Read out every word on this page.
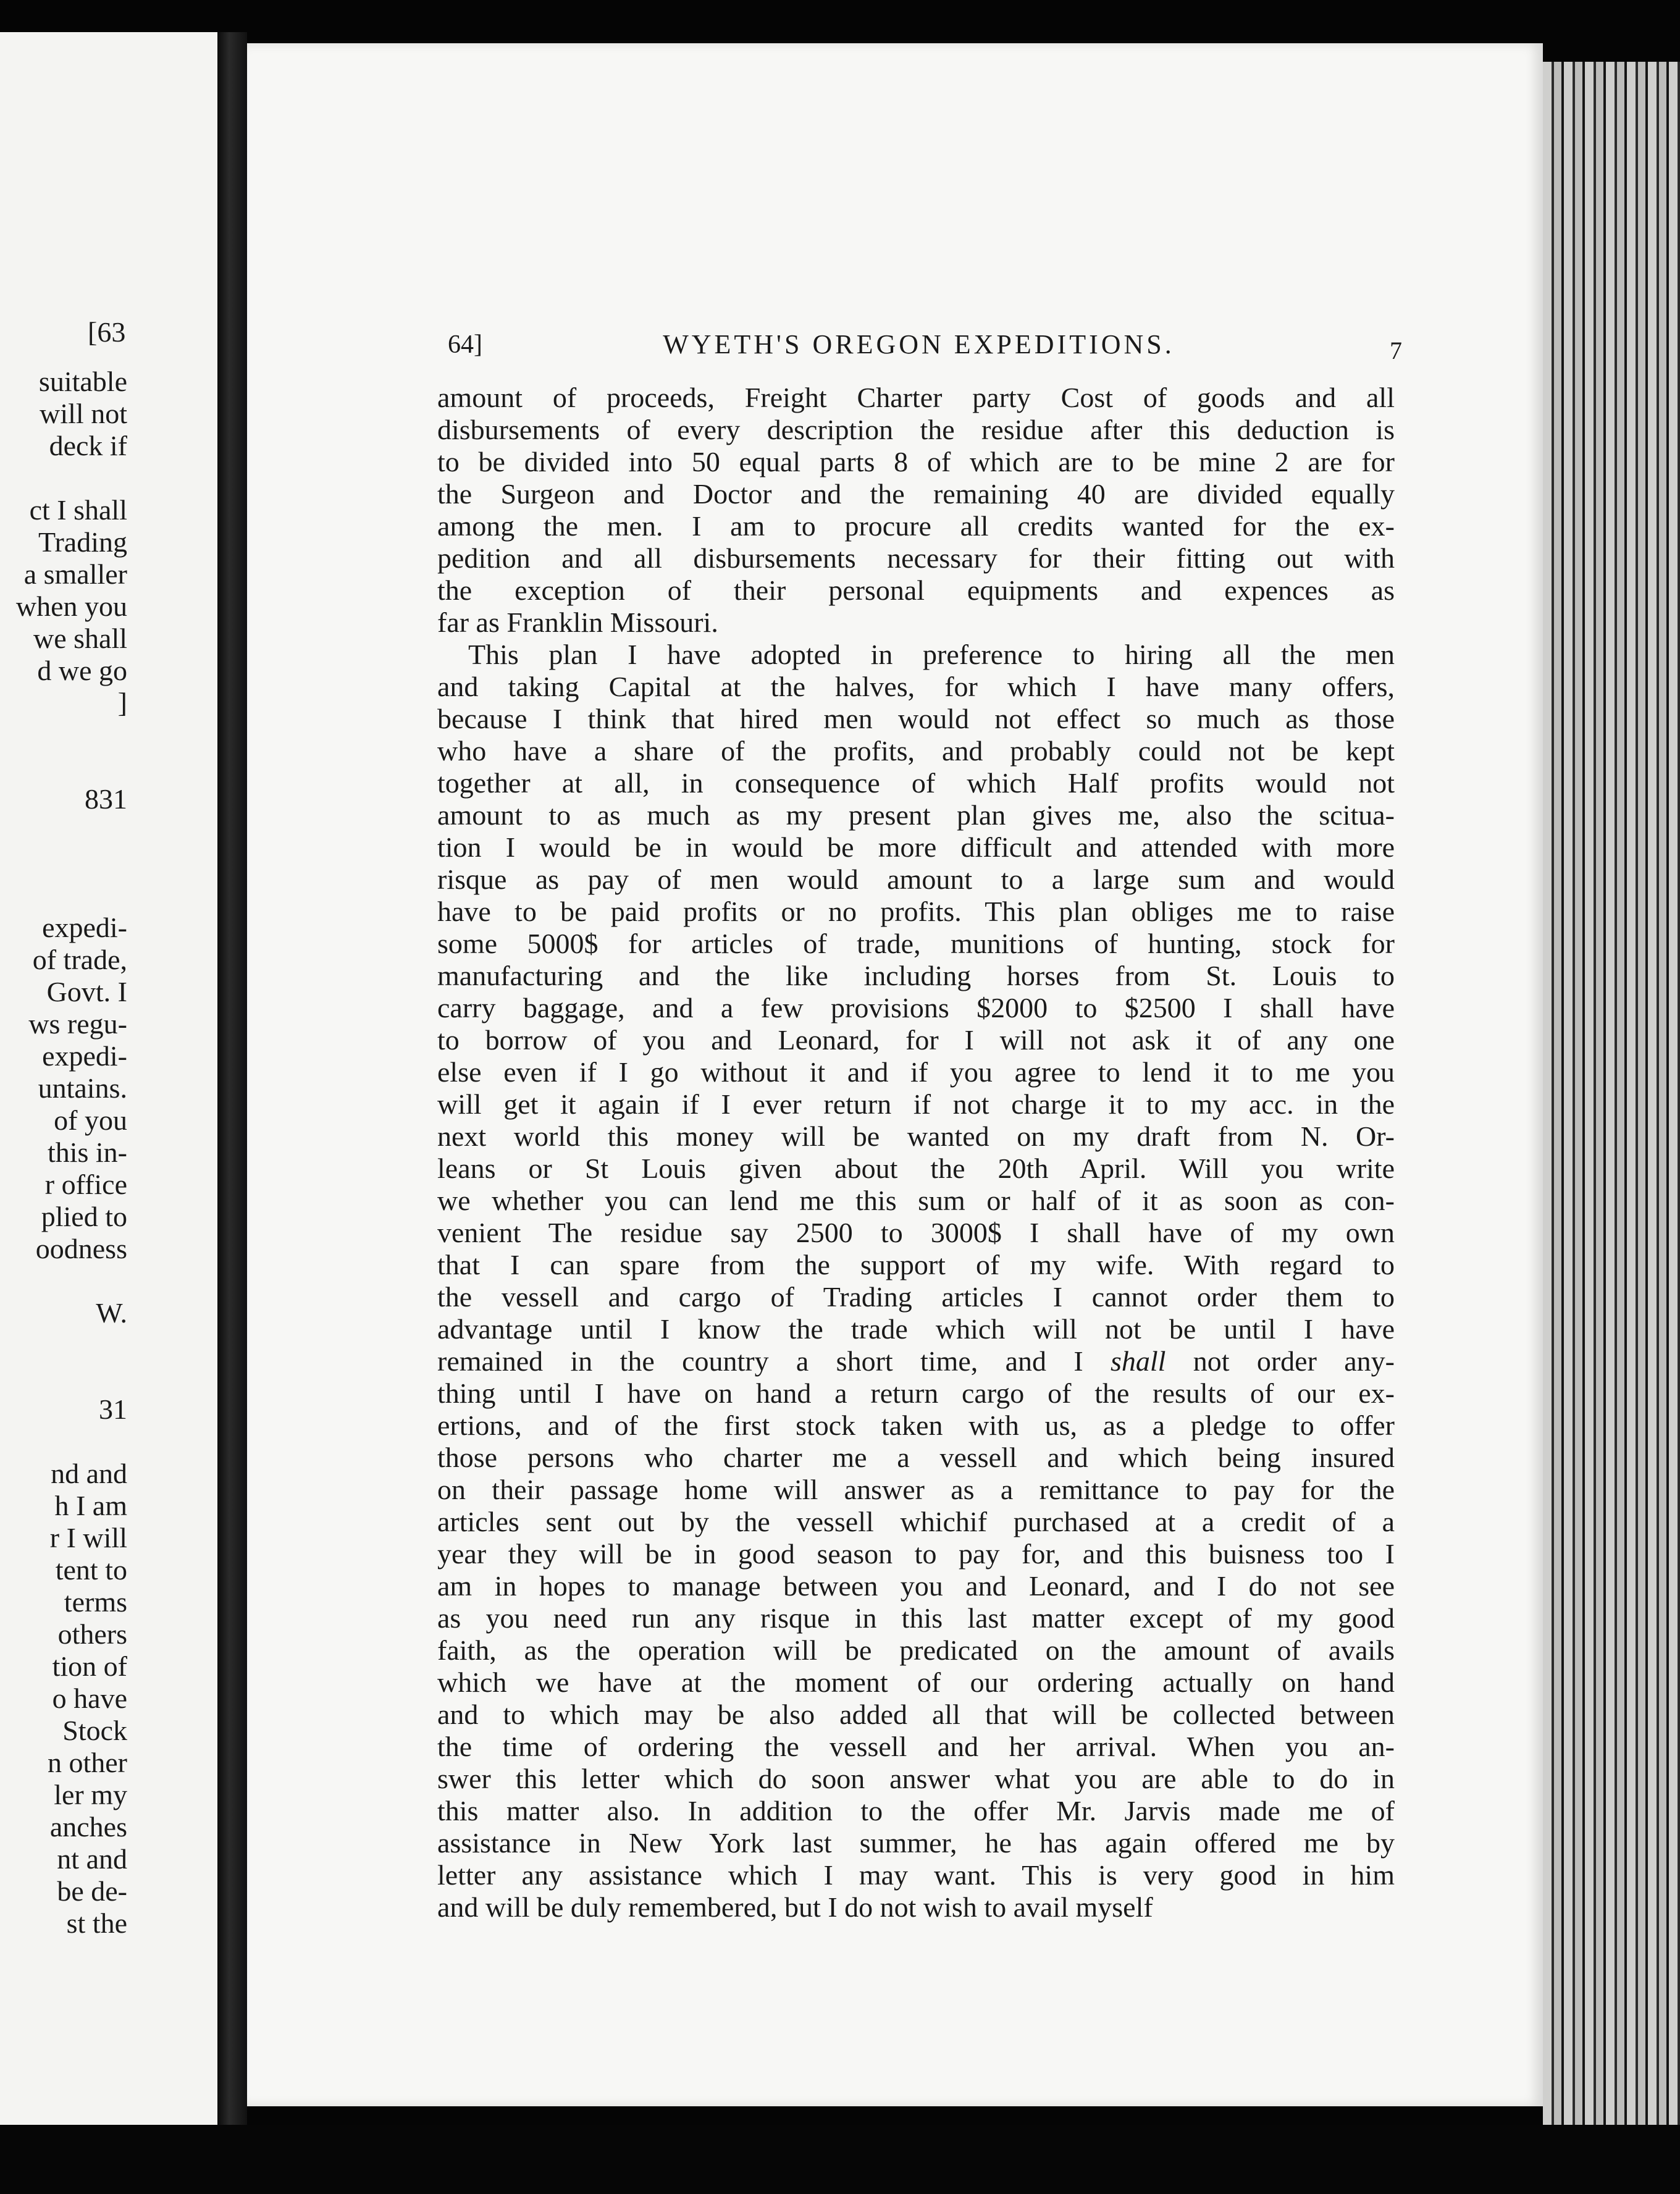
[63
suitable
will not
deck if
ct I shall
Trading
a smaller
when you
we shall
d we go
]
831
expedi-
of trade,
Govt. I
ws regu-
expedi-
untains.
of you
this in-
r office
plied to
oodness
W.
31
nd and
h I am
r I will
tent to
terms
others
tion of
o have
Stock
n other
ler my
anches
nt and
be de-
st the
64]	WYETH'S OREGON EXPEDITIONS.	7
amount of proceeds, Freight Charter party Cost of goods and all
disbursements of every description the residue after this deduction is
to be divided into 50 equal parts 8 of which are to be mine 2 are for
the Surgeon and Doctor and the remaining 40 are divided equally
among the men. I am to procure all credits wanted for the ex-
pedition and all disbursements necessary for their fitting out with
the exception of their personal equipments and expences as
far as Franklin Missouri.
This plan I have adopted in preference to hiring all the men
and taking Capital at the halves, for which I have many offers,
because I think that hired men would not effect so much as those
who have a share of the profits, and probably could not be kept
together at all, in consequence of which Half profits would not
amount to as much as my present plan gives me, also the scitua-
tion I would be in would be more difficult and attended with more
risque as pay of men would amount to a large sum and would
have to be paid profits or no profits. This plan obliges me to raise
some 5000$ for articles of trade, munitions of hunting, stock for
manufacturing and the like including horses from St. Louis to
carry baggage, and a few provisions $2000 to $2500 I shall have
to borrow of you and Leonard, for I will not ask it of any one
else even if I go without it and if you agree to lend it to me you
will get it again if I ever return if not charge it to my acc. in the
next world this money will be wanted on my draft from N. Or-
leans or St Louis given about the 20th April. Will you write
we whether you can lend me this sum or half of it as soon as con-
venient The residue say 2500 to 3000$ I shall have of my own
that I can spare from the support of my wife. With regard to
the vessell and cargo of Trading articles I cannot order them to
advantage until I know the trade which will not be until I have
remained in the country a short time, and I shall not order any-
thing until I have on hand a return cargo of the results of our ex-
ertions, and of the first stock taken with us, as a pledge to offer
those persons who charter me a vessell and which being insured
on their passage home will answer as a remittance to pay for the
articles sent out by the vessell whichif purchased at a credit of a
year they will be in good season to pay for, and this buisness too I
am in hopes to manage between you and Leonard, and I do not see
as you need run any risque in this last matter except of my good
faith, as the operation will be predicated on the amount of avails
which we have at the moment of our ordering actually on hand
and to which may be also added all that will be collected between
the time of ordering the vessell and her arrival. When you an-
swer this letter which do soon answer what you are able to do in
this matter also. In addition to the offer Mr. Jarvis made me of
assistance in New York last summer, he has again offered me by
letter any assistance which I may want. This is very good in him
and will be duly remembered, but I do not wish to avail myself
